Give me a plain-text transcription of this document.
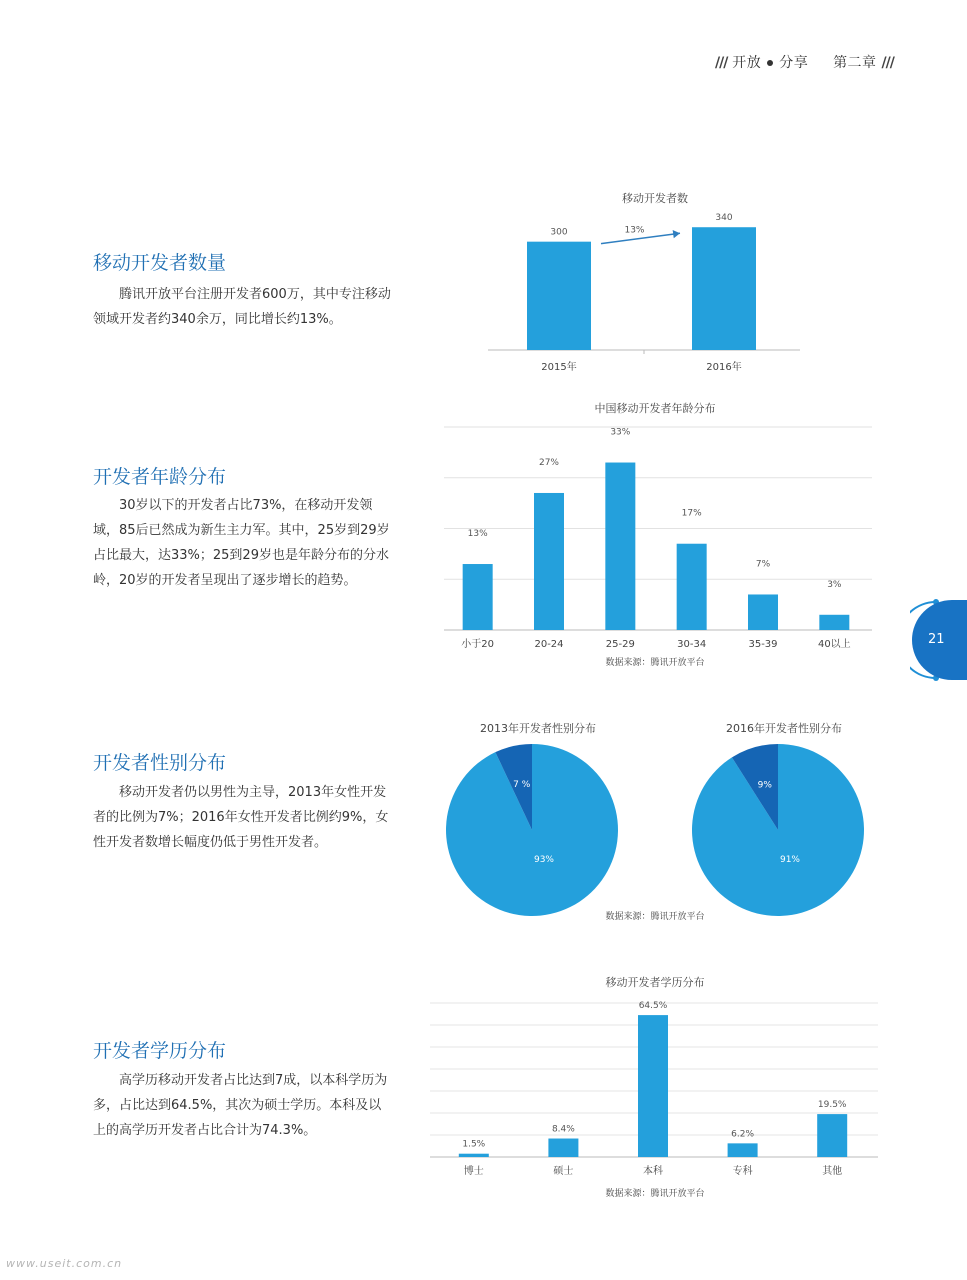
/// 开放 分享 第二章 ///
移动开发者数量
腾讯开放平台注册开发者600万，其中专注移动领域开发者约340余万，同比增长约13%。
开发者年龄分布
30岁以下的开发者占比73%，在移动开发领域，85后已然成为新生主力军。其中，25岁到29岁占比最大，达33%；25到29岁也是年龄分布的分水岭，20岁的开发者呈现出了逐步增长的趋势。
开发者性别分布
移动开发者仍以男性为主导，2013年女性开发者的比例为7%；2016年女性开发者比例约9%，女性开发者数增长幅度仍低于男性开发者。
开发者学历分布
高学历移动开发者占比达到7成，以本科学历为多，占比达到64.5%，其次为硕士学历。本科及以上的高学历开发者占比合计为74.3%。
移动开发者数
300
2015年
340
2016年
13%
中国移动开发者年龄分布
13%
小于20
27%
20-24
33%
25-29
17%
30-34
7%
35-39
3%
40以上
数据来源：腾讯开放平台
2013年开发者性别分布
7 %
93%
2016年开发者性别分布
9%
91%
数据来源：腾讯开放平台
移动开发者学历分布
1.5%
博士
8.4%
硕士
64.5%
本科
6.2%
专科
19.5%
其他
数据来源：腾讯开放平台
21
www.useit.com.cn
